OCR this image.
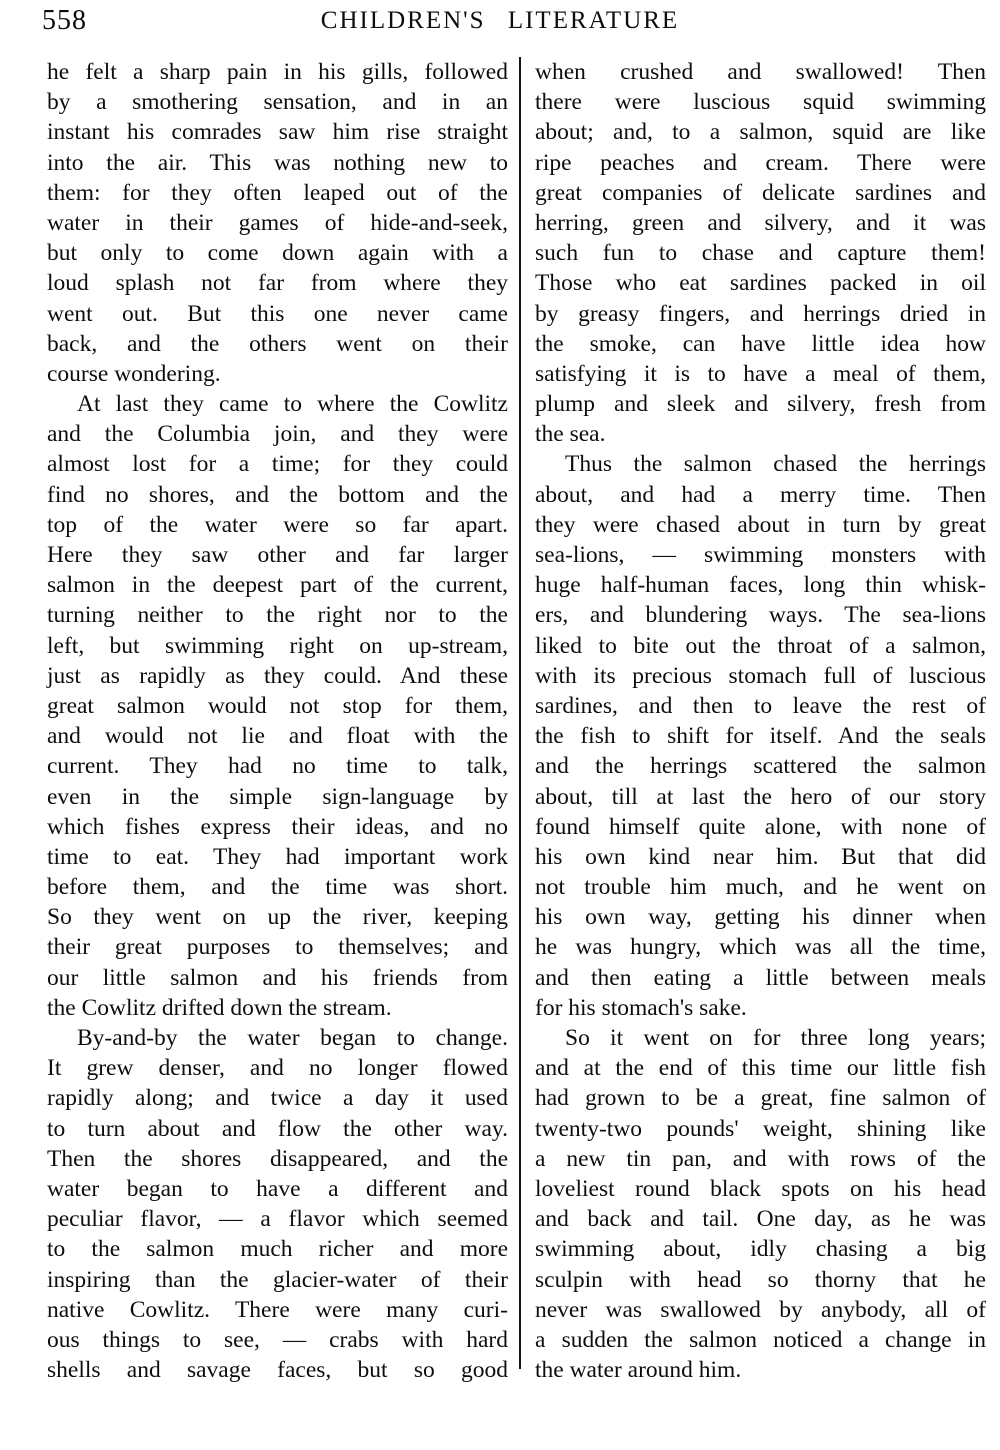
558	CHILDREN'S LITERATURE
he felt a sharp pain in his gills, followed
by a smothering sensation, and in an
instant his comrades saw him rise straight
into the air. This was nothing new to
them: for they often leaped out of the
water in their games of hide-and-seek,
but only to come down again with a
loud splash not far from where they
went out. But this one never came
back, and the others went on their
course wondering.
At last they came to where the Cowlitz
and the Columbia join, and they were
almost lost for a time; for they could
find no shores, and the bottom and the
top of the water were so far apart.
Here they saw other and far larger
salmon in the deepest part of the current,
turning neither to the right nor to the
left, but swimming right on up-stream,
just as rapidly as they could. And these
great salmon would not stop for them,
and would not lie and float with the
current. They had no time to talk,
even in the simple sign-language by
which fishes express their ideas, and no
time to eat. They had important work
before them, and the time was short.
So they went on up the river, keeping
their great purposes to themselves; and
our little salmon and his friends from
the Cowlitz drifted down the stream.
By-and-by the water began to change.
It grew denser, and no longer flowed
rapidly along; and twice a day it used
to turn about and flow the other way.
Then the shores disappeared, and the
water began to have a different and
peculiar flavor, — a flavor which seemed
to the salmon much richer and more
inspiring than the glacier-water of their
native Cowlitz. There were many curi-
ous things to see, — crabs with hard
shells and savage faces, but so good
when crushed and swallowed! Then
there were luscious squid swimming
about; and, to a salmon, squid are like
ripe peaches and cream. There were
great companies of delicate sardines and
herring, green and silvery, and it was
such fun to chase and capture them!
Those who eat sardines packed in oil
by greasy fingers, and herrings dried in
the smoke, can have little idea how
satisfying it is to have a meal of them,
plump and sleek and silvery, fresh from
the sea.
Thus the salmon chased the herrings
about, and had a merry time. Then
they were chased about in turn by great
sea-lions, — swimming monsters with
huge half-human faces, long thin whisk-
ers, and blundering ways. The sea-lions
liked to bite out the throat of a salmon,
with its precious stomach full of luscious
sardines, and then to leave the rest of
the fish to shift for itself. And the seals
and the herrings scattered the salmon
about, till at last the hero of our story
found himself quite alone, with none of
his own kind near him. But that did
not trouble him much, and he went on
his own way, getting his dinner when
he was hungry, which was all the time,
and then eating a little between meals
for his stomach's sake.
So it went on for three long years;
and at the end of this time our little fish
had grown to be a great, fine salmon of
twenty-two pounds' weight, shining like
a new tin pan, and with rows of the
loveliest round black spots on his head
and back and tail. One day, as he was
swimming about, idly chasing a big
sculpin with head so thorny that he
never was swallowed by anybody, all of
a sudden the salmon noticed a change in
the water around him.
